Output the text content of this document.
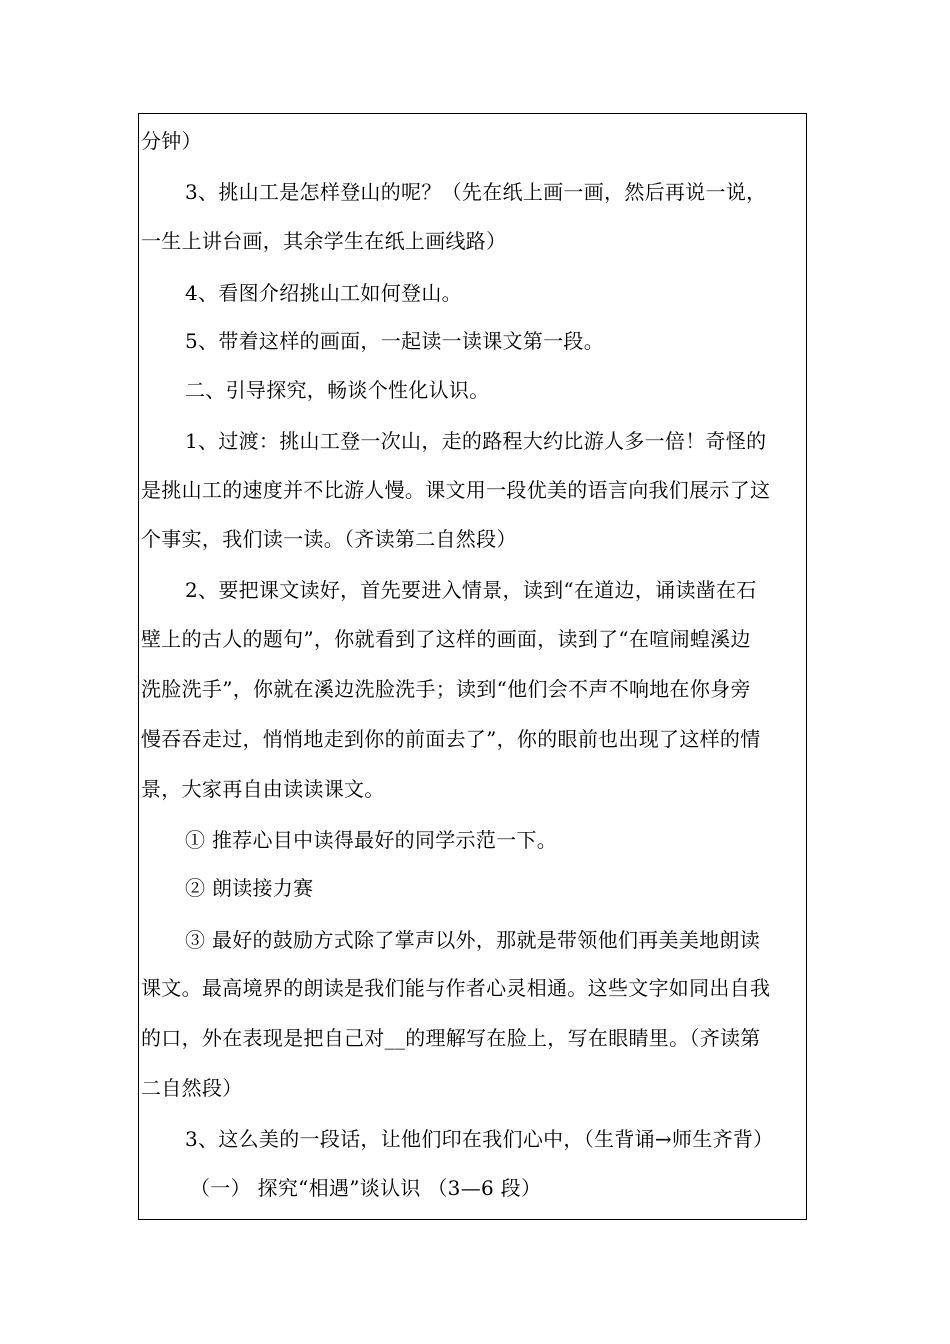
分钟）
3、挑山工是怎样登山的呢？（先在纸上画一画，然后再说一说，
一生上讲台画，其余学生在纸上画线路）
4、看图介绍挑山工如何登山。
5、带着这样的画面，一起读一读课文第一段。
二、引导探究，畅谈个性化认识。
1、过渡：挑山工登一次山，走的路程大约比游人多一倍！奇怪的
是挑山工的速度并不比游人慢。课文用一段优美的语言向我们展示了这
个事实，我们读一读。（齐读第二自然段）
2、要把课文读好，首先要进入情景，读到“在道边，诵读凿在石
壁上的古人的题句”，你就看到了这样的画面，读到了“在喧闹蝗溪边
洗脸洗手”，你就在溪边洗脸洗手；读到“他们会不声不响地在你身旁
慢吞吞走过，悄悄地走到你的前面去了”，你的眼前也出现了这样的情
景，大家再自由读读课文。
① 推荐心目中读得最好的同学示范一下。
② 朗读接力赛
③ 最好的鼓励方式除了掌声以外，那就是带领他们再美美地朗读
课文。最高境界的朗读是我们能与作者心灵相通。这些文字如同出自我
的口，外在表现是把自己对__的理解写在脸上，写在眼睛里。（齐读第
二自然段）
3、这么美的一段话，让他们印在我们心中，（生背诵→师生齐背）
（一） 探究“相遇”谈认识 （3—6 段）
